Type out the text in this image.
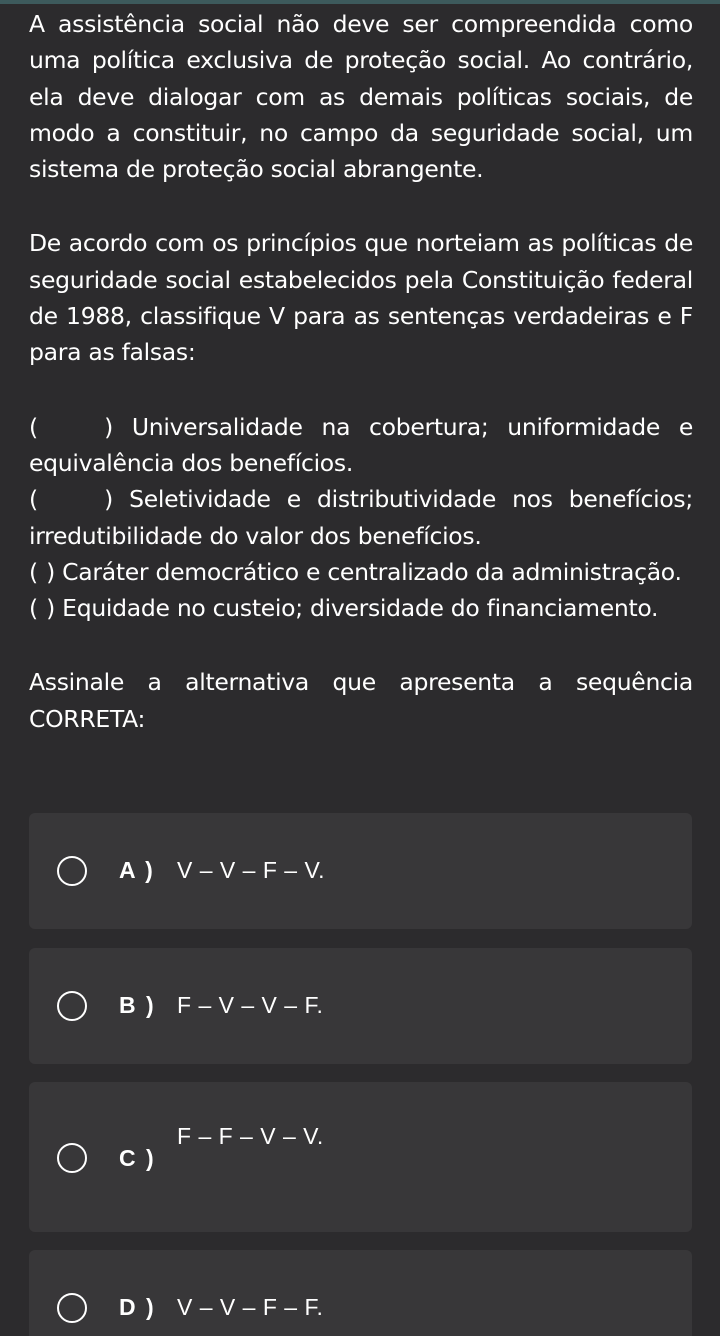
A assistência social não deve ser compreendida como uma política exclusiva de proteção social. Ao contrário, ela deve dialogar com as demais políticas sociais, de modo a constituir, no campo da seguridade social, um sistema de proteção social abrangente.

De acordo com os princípios que norteiam as políticas de seguridade social estabelecidos pela Constituição federal de 1988, classifique V para as sentenças verdadeiras e F para as falsas:

(	) Universalidade na cobertura; uniformidade e equivalência dos benefícios.

(	) Seletividade e distributividade nos benefícios; irredutibilidade do valor dos benefícios.

( ) Caráter democrático e centralizado da administração.

( ) Equidade no custeio; diversidade do financiamento.

Assinale a alternativa que apresenta a sequência CORRETA:

A ) V – V – F – V.
B ) F – V – V – F.
C )
F – F – V – V.
D ) V – V – F – F.
